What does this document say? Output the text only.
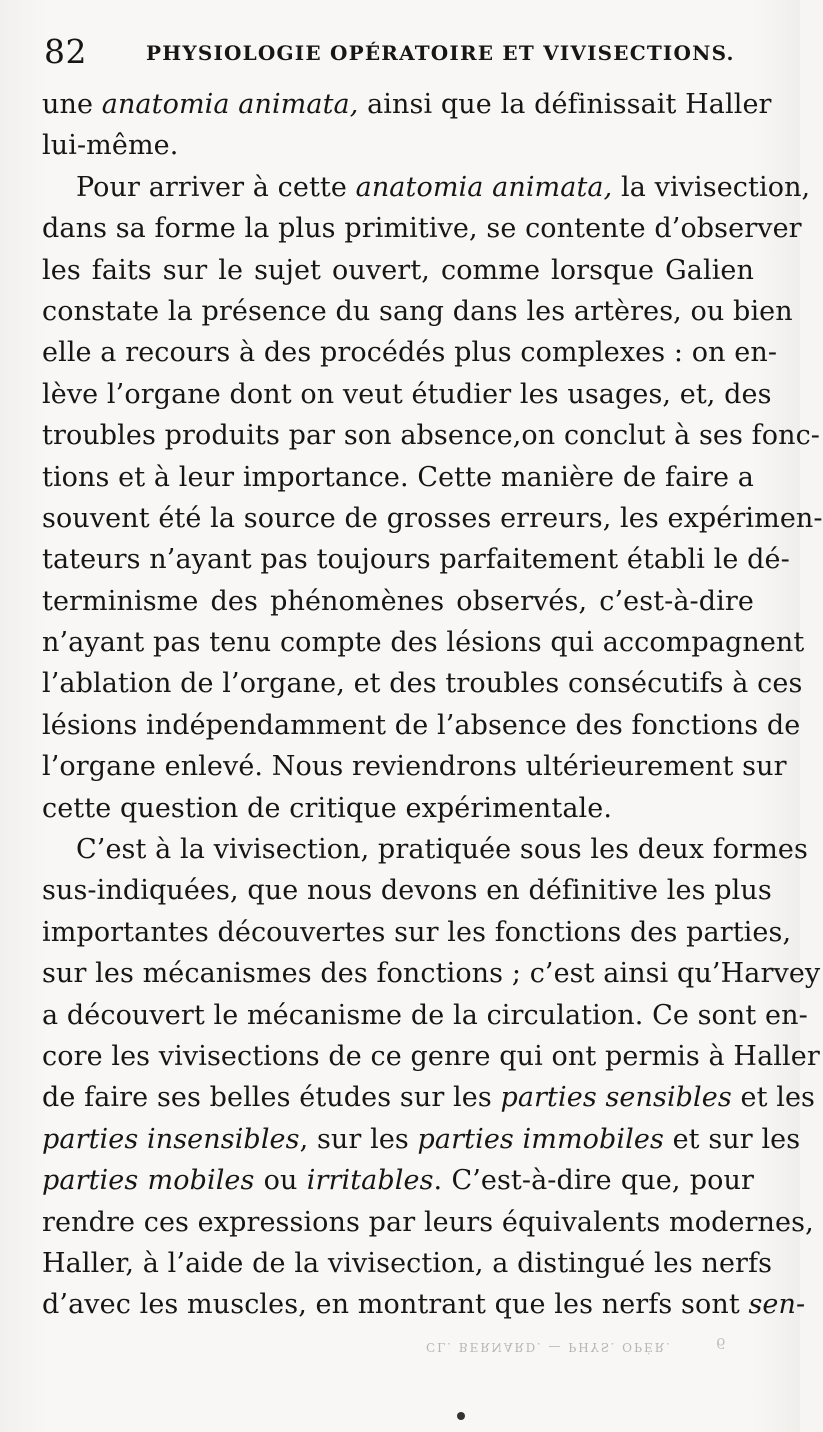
82	PHYSIOLOGIE OPÉRATOIRE ET VIVISECTIONS.
une anatomia animata, ainsi que la définissait Haller
lui-même.
Pour arriver à cette anatomia animata, la vivisection,
dans sa forme la plus primitive, se contente d’observer
les faits sur le sujet ouvert, comme lorsque Galien
constate la présence du sang dans les artères, ou bien
elle a recours à des procédés plus complexes : on en-
lève l’organe dont on veut étudier les usages, et, des
troubles produits par son absence,on conclut à ses fonc-
tions et à leur importance. Cette manière de faire a
souvent été la source de grosses erreurs, les expérimen-
tateurs n’ayant pas toujours parfaitement établi le dé-
terminisme des phénomènes observés, c’est-à-dire
n’ayant pas tenu compte des lésions qui accompagnent
l’ablation de l’organe, et des troubles consécutifs à ces
lésions indépendamment de l’absence des fonctions de
l’organe enlevé. Nous reviendrons ultérieurement sur
cette question de critique expérimentale.
C’est à la vivisection, pratiquée sous les deux formes
sus-indiquées, que nous devons en définitive les plus
importantes découvertes sur les fonctions des parties,
sur les mécanismes des fonctions ; c’est ainsi qu’Harvey
a découvert le mécanisme de la circulation. Ce sont en-
core les vivisections de ce genre qui ont permis à Haller
de faire ses belles études sur les parties sensibles et les
parties insensibles, sur les parties immobiles et sur les
parties mobiles ou irritables. C’est-à-dire que, pour
rendre ces expressions par leurs équivalents modernes,
Haller, à l’aide de la vivisection, a distingué les nerfs
d’avec les muscles, en montrant que les nerfs sont sen-
CL. BERNARD. — PHYS. OPÉR.	6
